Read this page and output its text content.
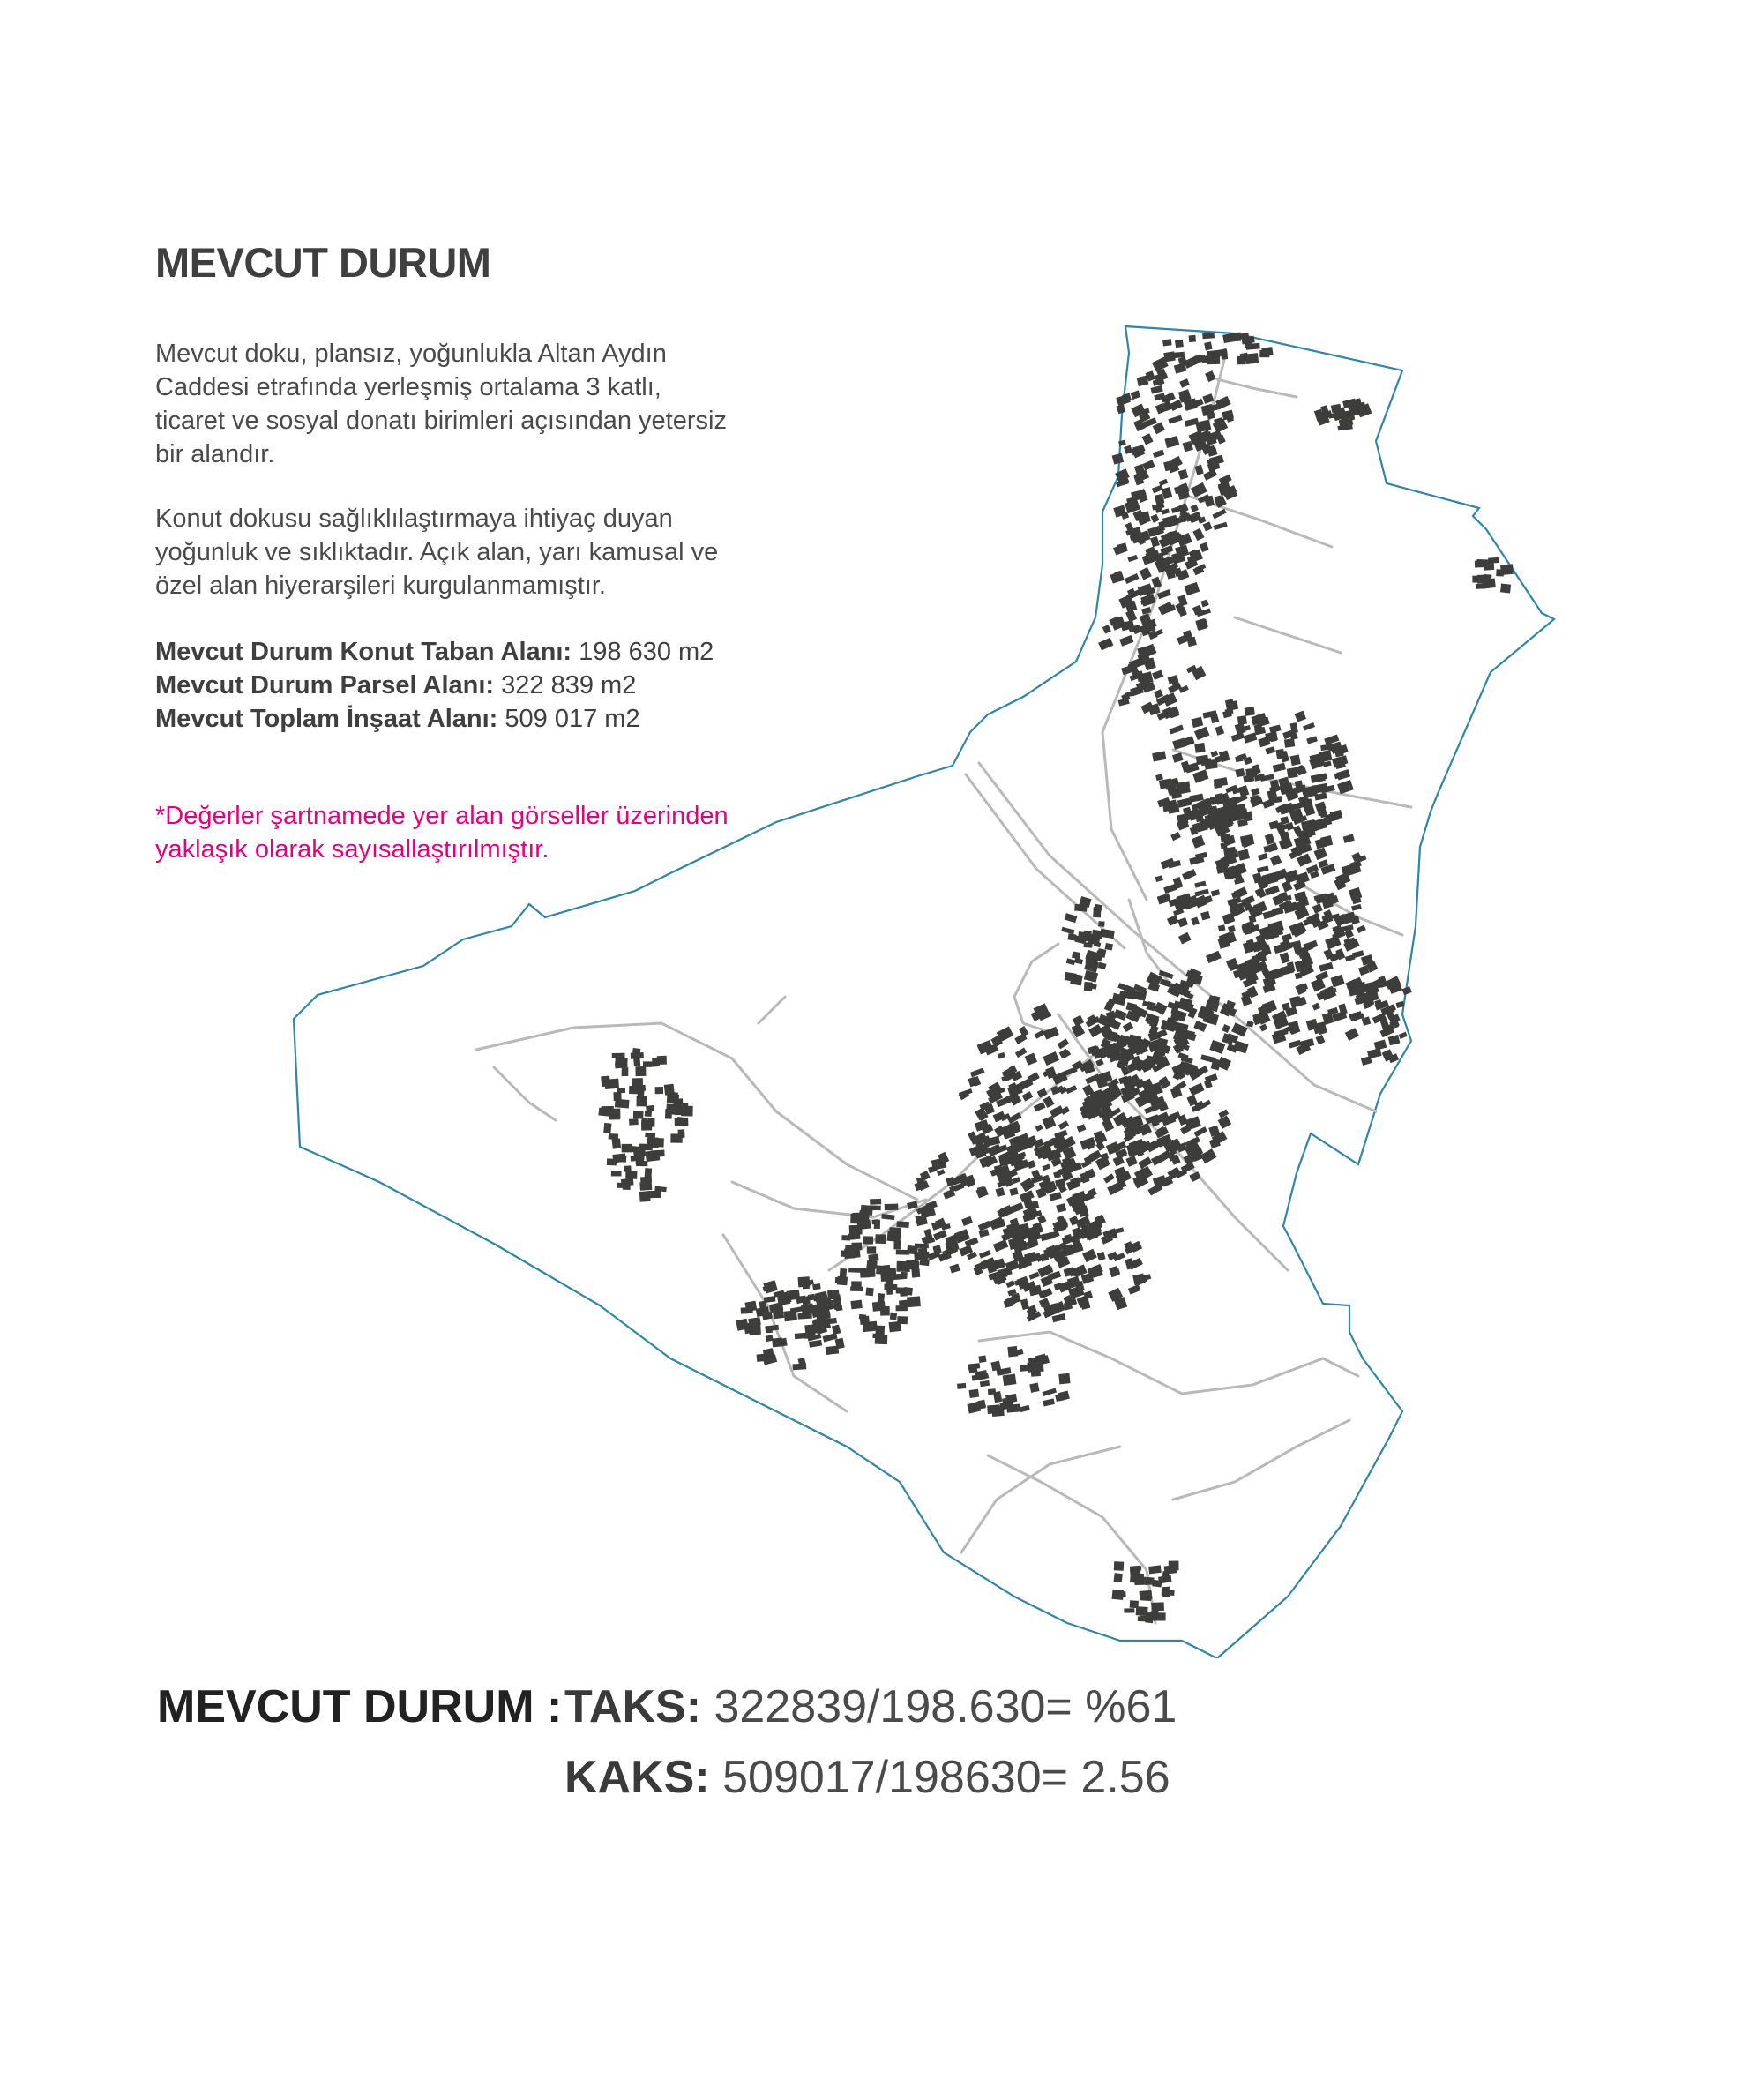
MEVCUT DURUM
Mevcut doku, plansız, yoğunlukla Altan Aydın
Caddesi etrafında yerleşmiş ortalama 3 katlı,
ticaret ve sosyal donatı birimleri açısından yetersiz
bir alandır.
Konut dokusu sağlıklılaştırmaya ihtiyaç duyan
yoğunluk ve sıklıktadır. Açık alan, yarı kamusal ve
özel alan hiyerarşileri kurgulanmamıştır.
Mevcut Durum Konut Taban Alanı: 198 630 m2
Mevcut Durum Parsel Alanı: 322 839 m2
Mevcut Toplam İnşaat Alanı: 509 017 m2
*Değerler şartnamede yer alan görseller üzerinden
yaklaşık olarak sayısallaştırılmıştır.
MEVCUT DURUM : TAKS: 322839/198.630= %61
KAKS: 509017/198630= 2.56
